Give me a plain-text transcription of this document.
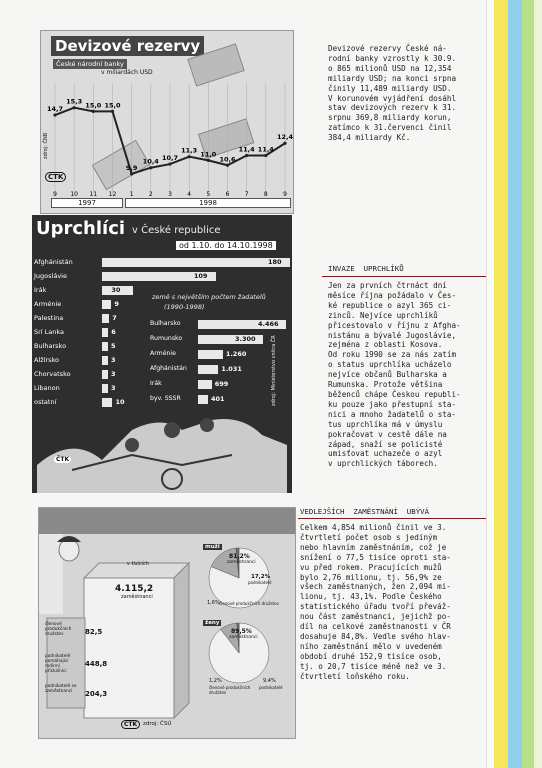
Devizové rezervy
České národní banky
v miliardách USD
14,7
9
15,3
10
15,0
11
15,0
12
9,9
1
10,4
2
10,7
3
11,3
4
11,0
5
10,6
6
11,4
7
11,4
8
12,4
9
zdroj: ČNB
ČTK
1997	1998
Uprchlíci v České republice
od 1.10. do 14.10.1998
Afghánistán	180
Jugoslávie	109
Irák	30
Arménie	9
Palestina	7
Srí Lanka	6
Bulharsko	5
Alžírsko	3
Chorvatsko	3
Libanon	3
ostatní	10
země s největším počtem žadatelů
(1990-1998)
Bulharsko	4.466
Rumunsko	3.300
Arménie	1.260
Afghánistán	1.031
Irák	699
byv. SSSR	401
ČTK
zdroj: Ministerstvo vnitra ČR
v tisících
4.115,2
zaměstnanci
členové produkčních družstev	82,5
podnikatelé pomáhající rodinní příslušníci
448,8
podnikatelé se zaměstnanci	204,3
muži
81,2%
zaměstnanci
17,2%
podnikatelé
1,6% členové produkčních družstev
ženy
89,5%
zaměstnanci
1,2%
členové produkčních družstev
9,4%
podnikatelé
ČTK	zdroj: ČSÚ
Devizové rezervy České ná-
rodní banky vzrostly k 30.9.
o 865 milionů USD na 12,354
miliardy USD; na konci srpna
činily 11,489 miliardy USD.
V korunovém vyjádření dosáhl
stav devizových rezerv k 31.
srpnu 369,8 miliardy korun,
zatímco k 31.červenci činil
384,4 miliardy Kč.
INVAZE  UPRCHLÍKŮ
Jen za prvních čtrnáct dní
měsíce října požádalo v Čes-
ké republice o azyl 365 ci-
zinců. Nejvíce uprchlíků
přicestovalo v říjnu z Afgha-
nistánu a bývalé Jugoslávie,
zejména z oblasti Kosova.
Od roku 1990 se za nás zatím
o status uprchlíka ucházelo
nejvíce občanů Bulharska a
Rumunska. Protože většina
běženců chápe Českou republi-
ku pouze jako přestupní sta-
nici a mnoho žadatelů o sta-
tus uprchlíka má v úmyslu
pokračovat v cestě dále na
západ, snaží se policisté
umisťovat uchazeče o azyl
v uprchlických táborech.
VEDLEJŠÍCH  ZAMĚSTNÁNÍ  UBÝVÁ
Celkem 4,854 milionů činil ve 3.
čtvrtletí počet osob s jediným
nebo hlavním zaměstnáním, což je
snížení o 77,5 tisíce oproti sta-
vu před rokem. Pracujících mužů
bylo 2,76 milionu, tj. 56,9% ze
všech zaměstnaných, žen 2,094 mi-
lionu, tj. 43,1%. Podle Českého
statistického úřadu tvoří převáž-
nou část zaměstnanci, jejichž po-
díl na celkové zaměstnanosti v ČR
dosahuje 84,8%. Vedle svého hlav-
ního zaměstnání mělo v uvedeném
období druhé 152,9 tisíce osob,
tj. o 20,7 tisíce méně než ve 3.
čtvrtletí loňského roku.
